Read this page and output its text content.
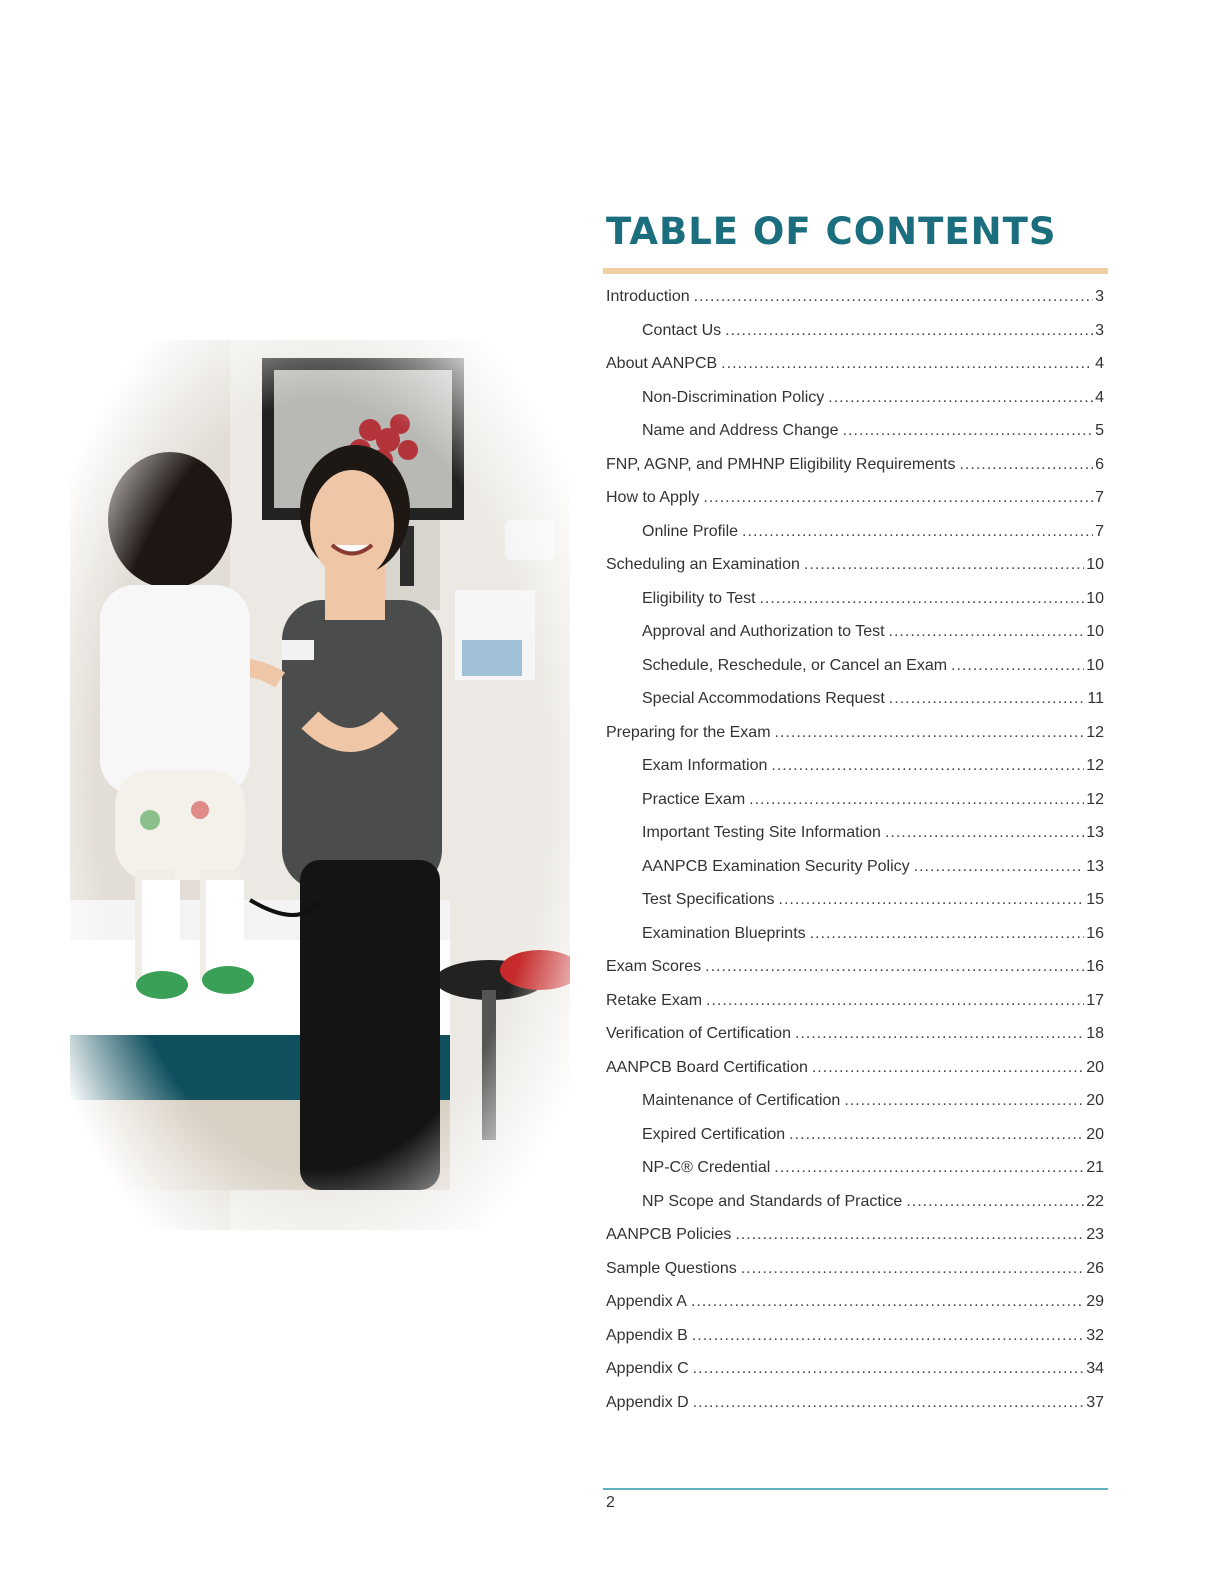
TABLE OF CONTENTS
Introduction .....	3
Contact Us .....	3
About AANPCB .....	4
Non-Discrimination Policy .....	4
Name and Address Change .....	5
FNP, AGNP, and PMHNP Eligibility Requirements .....	6
How to Apply .....	7
Online Profile .....	7
Scheduling an Examination .....	10
Eligibility to Test .....	10
Approval and Authorization to Test .....	10
Schedule, Reschedule, or Cancel an Exam .....	10
Special Accommodations Request .....	11
Preparing for the Exam .....	12
Exam Information .....	12
Practice Exam .....	12
Important Testing Site Information .....	13
AANPCB Examination Security Policy .....	13
Test Specifications .....	15
Examination Blueprints .....	16
Exam Scores .....	16
Retake Exam .....	17
Verification of Certification .....	18
AANPCB Board Certification .....	20
Maintenance of Certification .....	20
Expired Certification .....	20
NP-C® Credential .....	21
NP Scope and Standards of Practice .....	22
AANPCB Policies .....	23
Sample Questions .....	26
Appendix A .....	29
Appendix B .....	32
Appendix C .....	34
Appendix D .....	37
2
